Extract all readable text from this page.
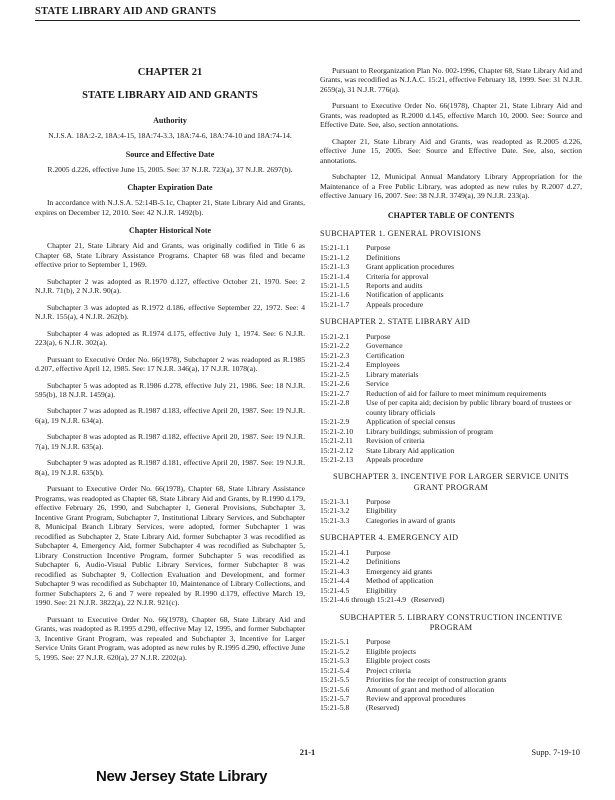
STATE LIBRARY AID AND GRANTS
CHAPTER 21
STATE LIBRARY AID AND GRANTS
Authority
N.J.S.A. 18A:2-2, 18A:4-15, 18A:74-3.3, 18A:74-6, 18A:74-10 and 18A:74-14.
Source and Effective Date
R.2005 d.226, effective June 15, 2005. See: 37 N.J.R. 723(a), 37 N.J.R. 2697(b).
Chapter Expiration Date

In accordance with N.J.S.A. 52:14B-5.1c, Chapter 21, State Library Aid and Grants, expires on December 12, 2010. See: 42 N.J.R. 1492(b).

Chapter Historical Note

Chapter 21, State Library Aid and Grants, was originally codified in Title 6 as Chapter 68, State Library Assistance Programs. Chapter 68 was filed and became effective prior to September 1, 1969.

Subchapter 2 was adopted as R.1970 d.127, effective October 21, 1970. See: 2 N.J.R. 71(b), 2 N.J.R. 90(a).

Subchapter 3 was adopted as R.1972 d.186, effective September 22, 1972. See: 4 N.J.R. 155(a), 4 N.J.R. 262(b).

Subchapter 4 was adopted as R.1974 d.175, effective July 1, 1974. See: 6 N.J.R. 223(a), 6 N.J.R. 302(a).

Pursuant to Executive Order No. 66(1978), Subchapter 2 was readopted as R.1985 d.207, effective April 12, 1985. See: 17 N.J.R. 346(a), 17 N.J.R. 1078(a).

Subchapter 5 was adopted as R.1986 d.278, effective July 21, 1986. See: 18 N.J.R. 595(b), 18 N.J.R. 1459(a).

Subchapter 7 was adopted as R.1987 d.183, effective April 20, 1987. See: 19 N.J.R. 6(a), 19 N.J.R. 634(a).

Subchapter 8 was adopted as R.1987 d.182, effective April 20, 1987. See: 19 N.J.R. 7(a), 19 N.J.R. 635(a).

Subchapter 9 was adopted as R.1987 d.181, effective April 20, 1987. See: 19 N.J.R. 8(a), 19 N.J.R. 635(b).

Pursuant to Executive Order No. 66(1978), Chapter 68, State Library Assistance Programs, was readopted as Chapter 68, State Library Aid and Grants, by R.1990 d.179, effective February 26, 1990, and Subchapter 1, General Provisions, Subchapter 3, Incentive Grant Program, Subchapter 7, Institutional Library Services, and Subchapter 8, Municipal Branch Library Services, were adopted, former Subchapter 1 was recodified as Subchapter 2, State Library Aid, former Subchapter 3 was recodified as Subchapter 4, Emergency Aid, former Subchapter 4 was recodified as Subchapter 5, Library Construction Incentive Program, former Subchapter 5 was recodified as Subchapter 6, Audio-Visual Public Library Services, former Subchapter 8 was recodified as Subchapter 9, Collection Evaluation and Development, and former Subchapter 9 was recodified as Subchapter 10, Maintenance of Library Collections, and former Subchapters 2, 6 and 7 were repealed by R.1990 d.179, effective March 19, 1990. See: 21 N.J.R. 3822(a), 22 N.J.R. 921(c).

Pursuant to Executive Order No. 66(1978), Chapter 68, State Library Aid and Grants, was readopted as R.1995 d.290, effective May 12, 1995, and former Subchapter 3, Incentive Grant Program, was repealed and Subchapter 3, Incentive for Larger Service Units Grant Program, was adopted as new rules by R.1995 d.290, effective June 5, 1995. See: 27 N.J.R. 620(a), 27 N.J.R. 2202(a).

Pursuant to Reorganization Plan No. 002-1996, Chapter 68, State Library Aid and Grants, was recodified as N.J.A.C. 15:21, effective February 18, 1999. See: 31 N.J.R. 2659(a), 31 N.J.R. 776(a).

Pursuant to Executive Order No. 66(1978), Chapter 21, State Library Aid and Grants, was readopted as R.2000 d.145, effective March 10, 2000. See: Source and Effective Date. See, also, section annotations.

Chapter 21, State Library Aid and Grants, was readopted as R.2005 d.226, effective June 15, 2005. See: Source and Effective Date. See, also, section annotations.

Subchapter 12, Municipal Annual Mandatory Library Appropriation for the Maintenance of a Free Public Library, was adopted as new rules by R.2007 d.27, effective January 16, 2007. See: 38 N.J.R. 3749(a), 39 N.J.R. 233(a).

CHAPTER TABLE OF CONTENTS
SUBCHAPTER 1. GENERAL PROVISIONS
15:21-1.1	Purpose
15:21-1.2	Definitions
15:21-1.3	Grant application procedures
15:21-1.4	Criteria for approval
15:21-1.5	Reports and audits
15:21-1.6	Notification of applicants
15:21-1.7	Appeals procedure
SUBCHAPTER 2. STATE LIBRARY AID
15:21-2.1	Purpose
15:21-2.2	Governance
15:21-2.3	Certification
15:21-2.4	Employees
15:21-2.5	Library materials
15:21-2.6	Service
15:21-2.7	Reduction of aid for failure to meet minimum requirements
15:21-2.8	Use of per capita aid; decision by public library board of trustees or county library officials
15:21-2.9	Application of special census
15:21-2.10	Library buildings; submission of program
15:21-2.11	Revision of criteria
15:21-2.12	State Library Aid application
15:21-2.13	Appeals procedure
SUBCHAPTER 3. INCENTIVE FOR LARGER SERVICE UNITS GRANT PROGRAM
15:21-3.1	Purpose
15:21-3.2	Eligibility
15:21-3.3	Categories in award of grants
SUBCHAPTER 4. EMERGENCY AID
15:21-4.1	Purpose
15:21-4.2	Definitions
15:21-4.3	Emergency aid grants
15:21-4.4	Method of application
15:21-4.5	Eligibility
15:21-4.6 through 15:21-4.9 (Reserved)
SUBCHAPTER 5. LIBRARY CONSTRUCTION INCENTIVE PROGRAM
15:21-5.1	Purpose
15:21-5.2	Eligible projects
15:21-5.3	Eligible project costs
15:21-5.4	Project criteria
15:21-5.5	Priorities for the receipt of construction grants
15:21-5.6	Amount of grant and method of allocation
15:21-5.7	Review and approval procedures
15:21-5.8	(Reserved)
21-1	Supp. 7-19-10
New Jersey State Library
